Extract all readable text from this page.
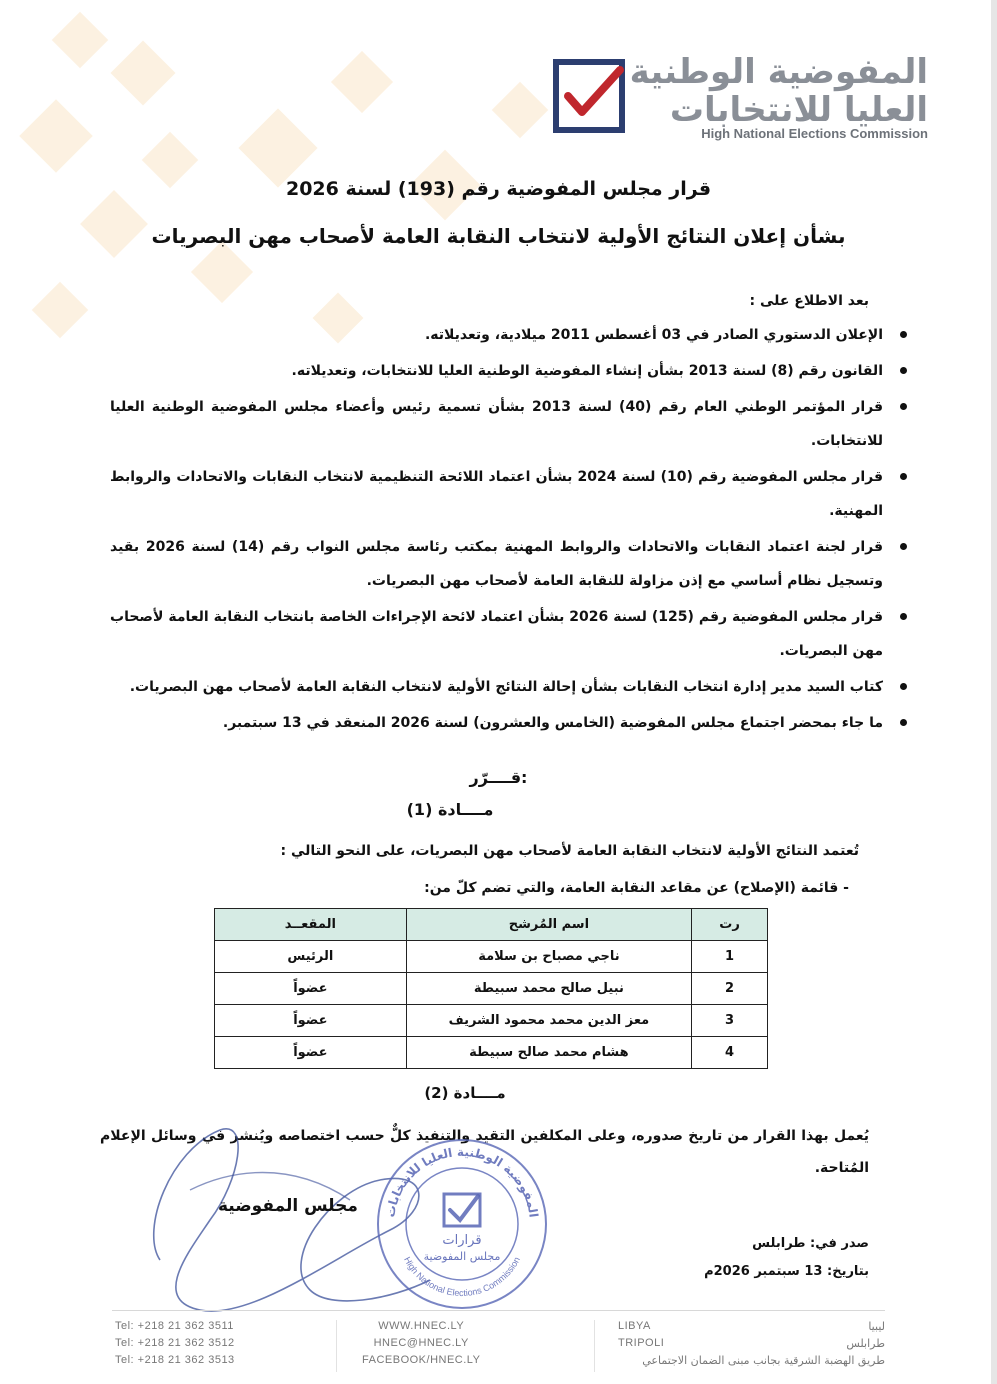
المفوضية الوطنية
العليا للانتخابات
High National Elections Commission
قرار مجلس المفوضية رقم (193) لسنة 2026
بشأن إعلان النتائج الأولية لانتخاب النقابة العامة لأصحاب مهن البصريات
بعد الاطلاع على :
الإعلان الدستوري الصادر في 03 أغسطس 2011 ميلادية، وتعديلاته.
القانون رقم (8) لسنة 2013 بشأن إنشاء المفوضية الوطنية العليا للانتخابات، وتعديلاته.
قرار المؤتمر الوطني العام رقم (40) لسنة 2013 بشأن تسمية رئيس وأعضاء مجلس المفوضية الوطنية العليا للانتخابات.
قرار مجلس المفوضية رقم (10) لسنة 2024 بشأن اعتماد اللائحة التنظيمية لانتخاب النقابات والاتحادات والروابط المهنية.
قرار لجنة اعتماد النقابات والاتحادات والروابط المهنية بمكتب رئاسة مجلس النواب رقم (14) لسنة 2026 بقيد وتسجيل نظام أساسي مع إذن مزاولة للنقابة العامة لأصحاب مهن البصريات.
قرار مجلس المفوضية رقم (125) لسنة 2026 بشأن اعتماد لائحة الإجراءات الخاصة بانتخاب النقابة العامة لأصحاب مهن البصريات.
كتاب السيد مدير إدارة انتخاب النقابات بشأن إحالة النتائج الأولية لانتخاب النقابة العامة لأصحاب مهن البصريات.
ما جاء بمحضر اجتماع مجلس المفوضية (الخامس والعشرون) لسنة 2026 المنعقد في 13 سبتمبر.
قــــرّر:
مــــادة (1)
تُعتمد النتائج الأولية لانتخاب النقابة العامة لأصحاب مهن البصريات، على النحو التالي :
- قائمة (الإصلاح) عن مقاعد النقابة العامة، والتي تضم كلّ من:
رت	اسم المُرشح	المقعــد
1	ناجي مصباح بن سلامة	الرئيس
2	نبيل صالح محمد سبيطة	عضواً
3	معز الدين محمد محمود الشريف	عضواً
4	هشام محمد صالح سبيطة	عضواً
مــــادة (2)
يُعمل بهذا القرار من تاريخ صدوره، وعلى المكلفين التقيد والتنفيذ كلٌّ حسب اختصاصه ويُنشر في وسائل الإعلام المُتاحة.
مجلس المفوضية المفوضية الوطنية العليا للانتخابات
High National Elections Commission
قرارات
مجلس المفوضية
صدر في: طرابلس
بتاريخ: 13 سبتمبر 2026م
Tel: +218 21 362 3511
Tel: +218 21 362 3512
Tel: +218 21 362 3513
WWW.HNEC.LY
HNEC@HNEC.LY
FACEBOOK/HNEC.LY
LIBYA
TRIPOLI
ليبيا
طرابلس
طريق الهضبة الشرقية بجانب مبنى الضمان الاجتماعي
